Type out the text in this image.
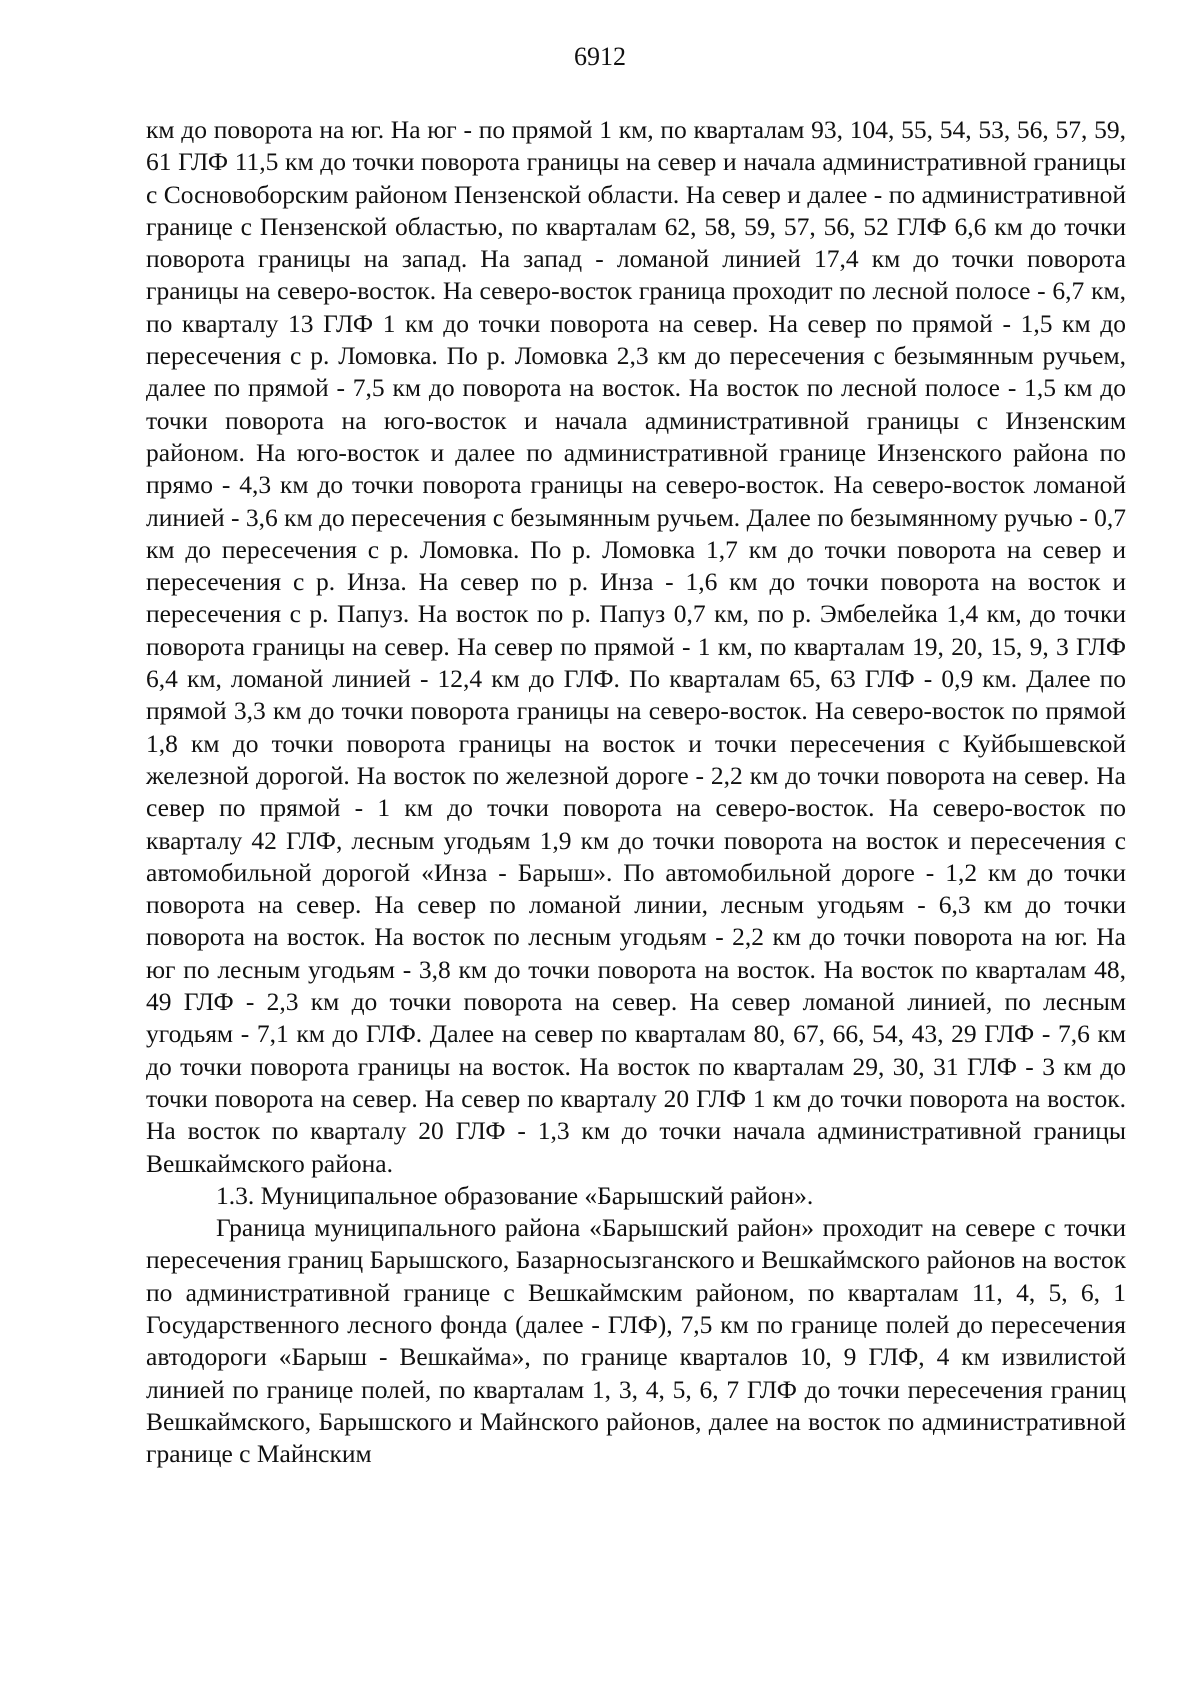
6912

км до поворота на юг. На юг - по прямой 1 км, по кварталам 93, 104, 55, 54, 53, 56, 57, 59, 61 ГЛФ 11,5 км до точки поворота границы на север и начала административной границы с Сосновоборским районом Пензенской области. На север и далее - по административной границе с Пензенской областью, по кварталам 62, 58, 59, 57, 56, 52 ГЛФ 6,6 км до точки поворота границы на запад. На запад - ломаной линией 17,4 км до точки поворота границы на северо-восток. На северо-восток граница проходит по лесной полосе - 6,7 км, по кварталу 13 ГЛФ 1 км до точки поворота на север. На север по прямой - 1,5 км до пересечения с р. Ломовка. По р. Ломовка 2,3 км до пересечения с безымянным ручьем, далее по прямой - 7,5 км до поворота на восток. На восток по лесной полосе - 1,5 км до точки поворота на юго-восток и начала административной границы с Инзенским районом. На юго-восток и далее по административной границе Инзенского района по прямо - 4,3 км до точки поворота границы на северо-восток. На северо-восток ломаной линией - 3,6 км до пересечения с безымянным ручьем. Далее по безымянному ручью - 0,7 км до пересечения с р. Ломовка. По р. Ломовка 1,7 км до точки поворота на север и пересечения с р. Инза. На север по р. Инза - 1,6 км до точки поворота на восток и пересечения с р. Папуз. На восток по р. Папуз 0,7 км, по р. Эмбелейка 1,4 км, до точки поворота границы на север. На север по прямой - 1 км, по кварталам 19, 20, 15, 9, 3 ГЛФ 6,4 км, ломаной линией - 12,4 км до ГЛФ. По кварталам 65, 63 ГЛФ - 0,9 км. Далее по прямой 3,3 км до точки поворота границы на северо-восток. На северо-восток по прямой 1,8 км до точки поворота границы на восток и точки пересечения с Куйбышевской железной дорогой. На восток по железной дороге - 2,2 км до точки поворота на север. На север по прямой - 1 км до точки поворота на северо-восток. На северо-восток по кварталу 42 ГЛФ, лесным угодьям 1,9 км до точки поворота на восток и пересечения с автомобильной дорогой «Инза - Барыш». По автомобильной дороге - 1,2 км до точки поворота на север. На север по ломаной линии, лесным угодьям - 6,3 км до точки поворота на восток. На восток по лесным угодьям - 2,2 км до точки поворота на юг. На юг по лесным угодьям - 3,8 км до точки поворота на восток. На восток по кварталам 48, 49 ГЛФ - 2,3 км до точки поворота на север. На север ломаной линией, по лесным угодьям - 7,1 км до ГЛФ. Далее на север по кварталам 80, 67, 66, 54, 43, 29 ГЛФ - 7,6 км до точки поворота границы на восток. На восток по кварталам 29, 30, 31 ГЛФ - 3 км до точки поворота на север. На север по кварталу 20 ГЛФ 1 км до точки поворота на восток. На восток по кварталу 20 ГЛФ - 1,3 км до точки начала административной границы Вешкаймского района.

1.3. Муниципальное образование «Барышский район».

Граница муниципального района «Барышский район» проходит на севере с точки пересечения границ Барышского, Базарносызганского и Вешкаймского районов на восток по административной границе с Вешкаймским районом, по кварталам 11, 4, 5, 6, 1 Государственного лесного фонда (далее - ГЛФ), 7,5 км по границе полей до пересечения автодороги «Барыш - Вешкайма», по границе кварталов 10, 9 ГЛФ, 4 км извилистой линией по границе полей, по кварталам 1, 3, 4, 5, 6, 7 ГЛФ до точки пересечения границ Вешкаймского, Барышского и Майнского районов, далее на восток по административной границе с Майнским
